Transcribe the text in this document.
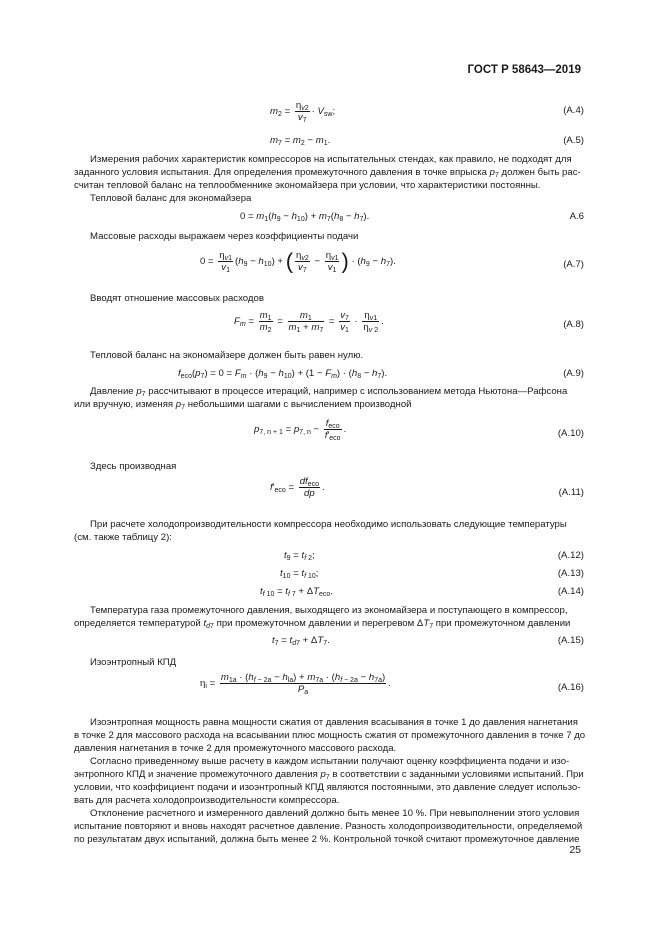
ГОСТ Р 58643—2019
$m_2 = \frac{\eta_{v2}}{v_7} \cdot V_{sw}$;	(A.4)
$m_7 = m_2 - m_1$.	(A.5)
Измерения рабочих характеристик компрессоров на испытательных стендах, как правило, не подходят для
заданного условия испытания. Для определения промежуточного давления в точке впрыска $p_7$ должен быть рас-
считан тепловой баланс на теплообменнике экономайзера при условии, что характеристики постоянны.
Тепловой баланс для экономайзера
$0 = m_1(h_9 - h_{10}) + m_7(h_8 - h_7)$.	A.6
Массовые расходы выражаем через коэффициенты подачи
$0 = \frac{\eta_{v1}}{v_1} (h_9 - h_{10})$ + ( $\frac{\eta_{v2}}{v_7} - \frac{\eta_{v1}}{v_1}$ ) · $(h_9 - h_7)$.	(A.7)
Вводят отношение массовых расходов
$F_m = \frac{m_1}{m_2} = \frac{m_1}{m_1 + m_7} = \frac{v_7}{v_1} \cdot \frac{\eta_{v1}}{\eta_{v 2}}$ .	(A.8)
Тепловой баланс на экономайзере должен быть равен нулю.
$f_{eco}(p_7) = 0 = F_m \cdot (h_9 - h_{10}) + (1 - F_m) \cdot (h_8 - h_7)$.	(A.9)
Давление $p_7$ рассчитывают в процессе итераций, например с использованием метода Ньютона—Рафсона
или вручную, изменяя $p_7$ небольшими шагами с вычислением производной
$p_{7, n + 1} = p_{7, n} - \frac{f_{eco}}{f'_{eco}}$ .	(A.10)
Здесь производная
$f'_{eco} = \frac{df_{eco}}{dp}$ .	(A.11)
При расчете холодопроизводительности компрессора необходимо использовать следующие температуры
(см. также таблицу 2):
$t_9 = t_{f 2}$;	(A.12)
$t_{10} = t_{f 10}$;	(A.13)
$t_{f 10} = t_{f 7} + \Delta T_{eco}$.	(A.14)
Температура газа промежуточного давления, выходящего из экономайзера и поступающего в компрессор,
определяется температурой $t_{d7}$ при промежуточном давлении и перегревом $\Delta T_7$ при промежуточном давлении
$t_7 = t_{d7} + \Delta T_7$.	(A.15)
Изоэнтропный КПД
$\eta_i = \frac{m_{1a} \cdot (h_{f - 2a} - h_{la}) + m_{7a} \cdot (h_{f - 2a} - h_{7a})}{P_a}$ .	(A.16)
Изоэнтропная мощность равна мощности сжатия от давления всасывания в точке 1 до давления нагнетания
в точке 2 для массового расхода на всасывании плюс мощность сжатия от промежуточного давления в точке 7 до
давления нагнетания в точке 2 для промежуточного массового расхода.
Согласно приведенному выше расчету в каждом испытании получают оценку коэффициента подачи и изо-
энтропного КПД и значение промежуточного давления $p_7$ в соответствии с заданными условиями испытаний. При
условии, что коэффициент подачи и изоэнтропный КПД являются постоянными, это давление следует использо-
вать для расчета холодопроизводительности компрессора.
Отклонение расчетного и измеренного давлений должно быть менее 10 %. При невыполнении этого условия
испытание повторяют и вновь находят расчетное давление. Разность холодопроизводительности, определяемой
по результатам двух испытаний, должна быть менее 2 %. Контрольной точкой считают промежуточное давление
25
